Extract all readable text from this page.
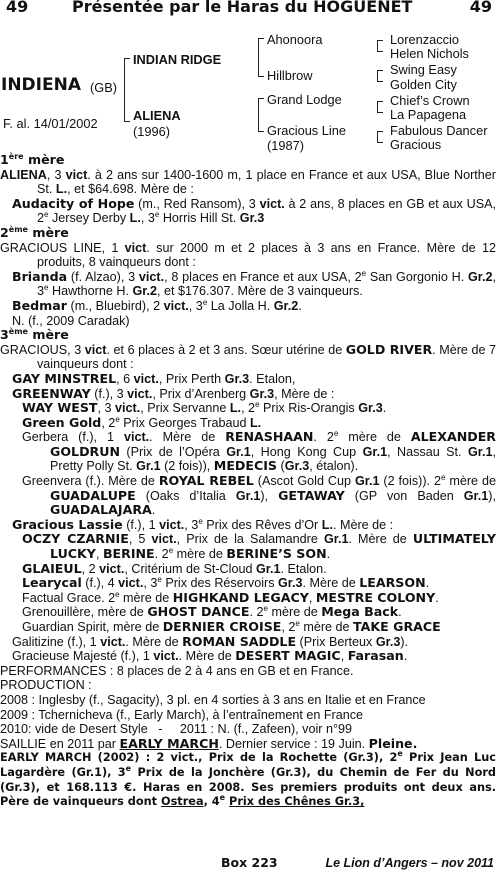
49	Présentée par le Haras du HOGUENET	49
INDIENA (GB)
F. al. 14/01/2002
INDIAN RIDGE
ALIENA
(1996)
Ahonoora
Hillbrow
Grand Lodge
Gracious Line
(1987)
Lorenzaccio
Helen Nichols
Swing Easy
Golden City
Chief’s Crown
La Papagena
Fabulous Dancer
Gracious

1ère mère

ALIENA, 3 vict. à 2 ans sur 1400-1600 m, 1 place en France et aux USA, Blue Norther St. L., et $64.698. Mère de :

Audacity of Hope (m., Red Ransom), 3 vict. à 2 ans, 8 places en GB et aux USA, 2e Jersey Derby L., 3e Horris Hill St. Gr.3

2ème mère

GRACIOUS LINE, 1 vict. sur 2000 m et 2 places à 3 ans en France. Mère de 12 produits, 8 vainqueurs dont :

Brianda (f. Alzao), 3 vict., 8 places en France et aux USA, 2e San Gorgonio H. Gr.2, 3e Hawthorne H. Gr.2, et $176.307. Mère de 3 vainqueurs.

Bedmar (m., Bluebird), 2 vict., 3e La Jolla H. Gr.2.

N. (f., 2009 Caradak)

3ème mère

GRACIOUS, 3 vict. et 6 places à 2 et 3 ans. Sœur utérine de GOLD RIVER. Mère de 7 vainqueurs dont :

GAY MINSTREL, 6 vict., Prix Perth Gr.3. Etalon,

GREENWAY (f.), 3 vict., Prix d’Arenberg Gr.3, Mère de :

WAY WEST, 3 vict., Prix Servanne L., 2e Prix Ris-Orangis Gr.3.

Green Gold, 2e Prix Georges Trabaud L.

Gerbera (f.), 1 vict.. Mère de RENASHAAN. 2e mère de ALEXANDER GOLDRUN (Prix de l’Opéra Gr.1, Hong Kong Cup Gr.1, Nassau St. Gr.1, Pretty Polly St. Gr.1 (2 fois)), MEDECIS (Gr.3, étalon).

Greenvera (f.). Mère de ROYAL REBEL (Ascot Gold Cup Gr.1 (2 fois)). 2e mère de GUADALUPE (Oaks d’Italia Gr.1), GETAWAY (GP von Baden Gr.1), GUADALAJARA.

Gracious Lassie (f.), 1 vict., 3e Prix des Rêves d’Or L.. Mère de :

OCZY CZARNIE, 5 vict., Prix de la Salamandre Gr.1. Mère de ULTIMATELY LUCKY, BERINE. 2e mère de BERINE’S SON.

GLAIEUL, 2 vict., Critérium de St-Cloud Gr.1. Etalon.

Learycal (f.), 4 vict., 3e Prix des Réservoirs Gr.3. Mère de LEARSON.

Factual Grace. 2e mère de HIGHKAND LEGACY, MESTRE COLONY.

Grenouillère, mère de GHOST DANCE. 2e mère de Mega Back.

Guardian Spirit, mère de DERNIER CROISE, 2e mère de TAKE GRACE

Galitizine (f.), 1 vict.. Mère de ROMAN SADDLE (Prix Berteux Gr.3).

Gracieuse Majesté (f.), 1 vict.. Mère de DESERT MAGIC, Farasan.

PERFORMANCES : 8 places de 2 à 4 ans en GB et en France.

PRODUCTION :

2008 : Inglesby (f., Sagacity), 3 pl. en 4 sorties à 3 ans en Italie et en France

2009 : Tchernicheva (f., Early March), à l’entraînement en France

2010: vide de Desert Style   -     2011 : N. (f., Zafeen), voir n°99

SAILLIE en 2011 par EARLY MARCH. Dernier service : 19 Juin. Pleine.

EARLY MARCH (2002) : 2 vict., Prix de la Rochette (Gr.3), 2e Prix Jean Luc Lagardère (Gr.1), 3e Prix de la Jonchère (Gr.3), du Chemin de Fer du Nord (Gr.3), et 168.113 €. Haras en 2008. Ses premiers produits ont deux ans. Père de vainqueurs dont Ostrea, 4e Prix des Chênes Gr.3,

Box 223	Le Lion d’Angers – nov 2011
